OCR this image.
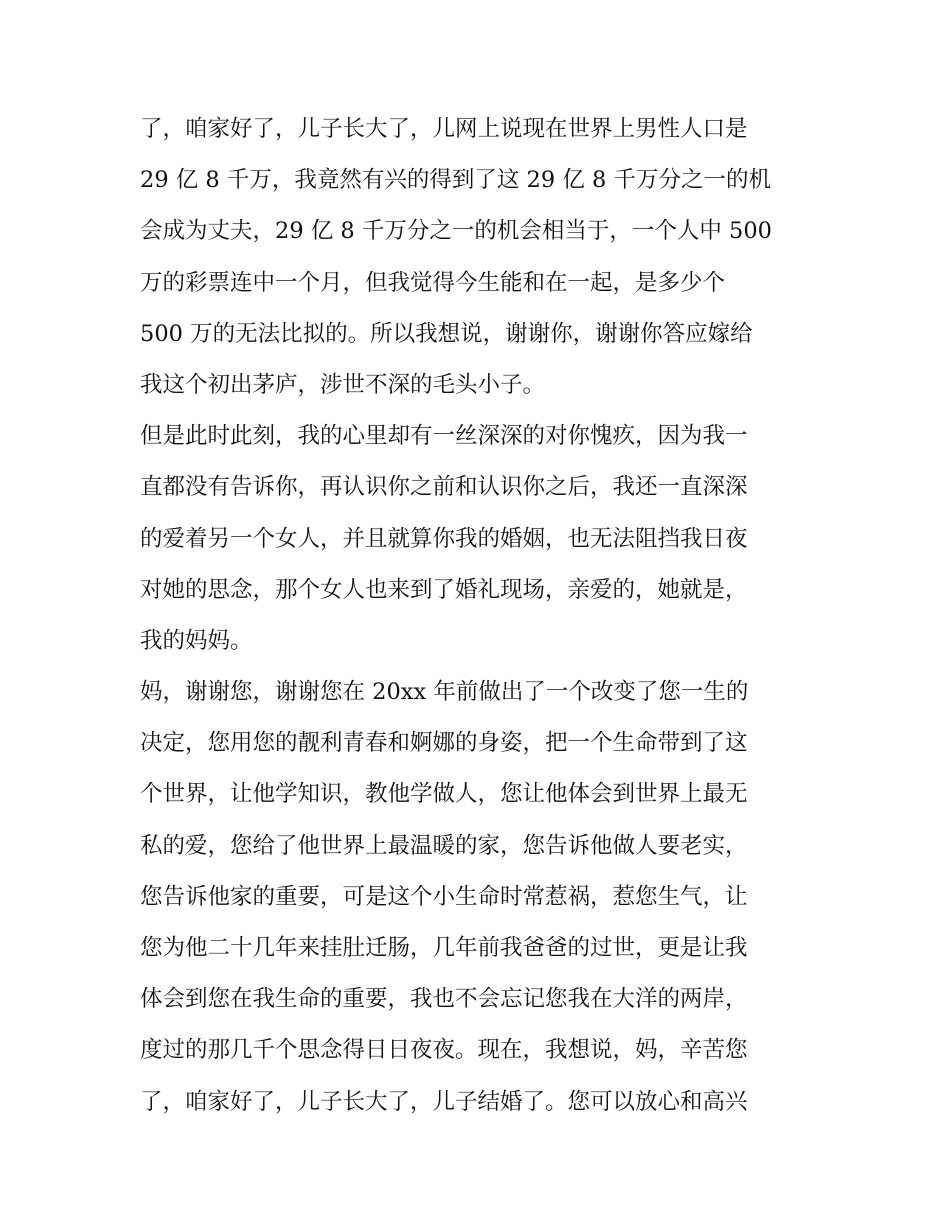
了，咱家好了，儿子长大了，儿网上说现在世界上男性人口是
29 亿 8 千万，我竟然有兴的得到了这 29 亿 8 千万分之一的机
会成为丈夫，29 亿 8 千万分之一的机会相当于，一个人中 500
万的彩票连中一个月，但我觉得今生能和在一起，是多少个
500 万的无法比拟的。所以我想说，谢谢你，谢谢你答应嫁给
我这个初出茅庐，涉世不深的毛头小子。
但是此时此刻，我的心里却有一丝深深的对你愧疚，因为我一
直都没有告诉你，再认识你之前和认识你之后，我还一直深深
的爱着另一个女人，并且就算你我的婚姻，也无法阻挡我日夜
对她的思念，那个女人也来到了婚礼现场，亲爱的，她就是，
我的妈妈。
妈，谢谢您，谢谢您在 20xx 年前做出了一个改变了您一生的
决定，您用您的靓利青春和婀娜的身姿，把一个生命带到了这
个世界，让他学知识，教他学做人，您让他体会到世界上最无
私的爱，您给了他世界上最温暖的家，您告诉他做人要老实，
您告诉他家的重要，可是这个小生命时常惹祸，惹您生气，让
您为他二十几年来挂肚迁肠，几年前我爸爸的过世，更是让我
体会到您在我生命的重要，我也不会忘记您我在大洋的两岸，
度过的那几千个思念得日日夜夜。现在，我想说，妈，辛苦您
了，咱家好了，儿子长大了，儿子结婚了。您可以放心和高兴
